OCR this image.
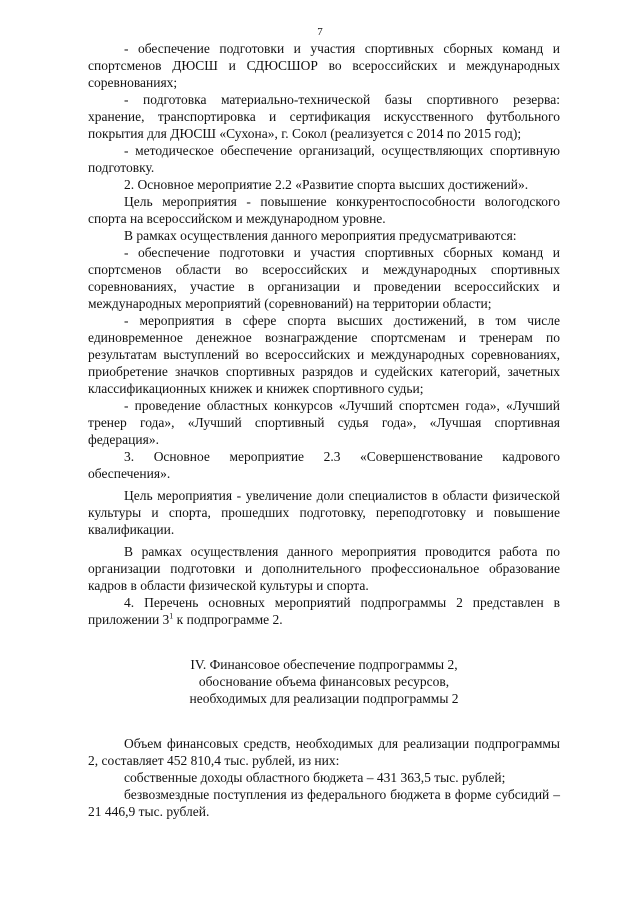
7

- обеспечение подготовки и участия спортивных сборных команд и спортсменов ДЮСШ и СДЮСШОР во всероссийских и международных соревнованиях;

- подготовка материально-технической базы спортивного резерва: хранение, транспортировка и сертификация искусственного футбольного покрытия для ДЮСШ «Сухона», г. Сокол (реализуется с 2014 по 2015 год);

- методическое обеспечение организаций, осуществляющих спортивную подготовку.

2. Основное мероприятие 2.2 «Развитие спорта высших достижений».

Цель мероприятия - повышение конкурентоспособности вологодского спорта на всероссийском и международном уровне.

В рамках осуществления данного мероприятия предусматриваются:

- обеспечение подготовки и участия спортивных сборных команд и спортсменов области во всероссийских и международных спортивных соревнованиях, участие в организации и проведении всероссийских и международных мероприятий (соревнований) на территории области;

- мероприятия в сфере спорта высших достижений, в том числе единовременное денежное вознаграждение спортсменам и тренерам по результатам выступлений во всероссийских и международных соревнованиях, приобретение значков спортивных разрядов и судейских категорий, зачетных классификационных книжек и книжек спортивного судьи;

- проведение областных конкурсов «Лучший спортсмен года», «Лучший тренер года», «Лучший спортивный судья года», «Лучшая спортивная федерация».

3. Основное мероприятие 2.3 «Совершенствование кадрового обеспечения».

Цель мероприятия - увеличение доли специалистов в области физической культуры и спорта, прошедших подготовку, переподготовку и повышение квалификации.

В рамках осуществления данного мероприятия проводится работа по организации подготовки и дополнительного профессиональное образование кадров в области физической культуры и спорта.

4. Перечень основных мероприятий подпрограммы 2 представлен в приложении $3^1$ к подпрограмме 2.

IV. Финансовое обеспечение подпрограммы 2,
обоснование объема финансовых ресурсов,
необходимых для реализации подпрограммы 2

Объем финансовых средств, необходимых для реализации подпрограммы 2, составляет 452 810,4 тыс. рублей, из них:

собственные доходы областного бюджета – 431 363,5 тыс. рублей;

безвозмездные поступления из федерального бюджета в форме субсидий – 21 446,9 тыс. рублей.
